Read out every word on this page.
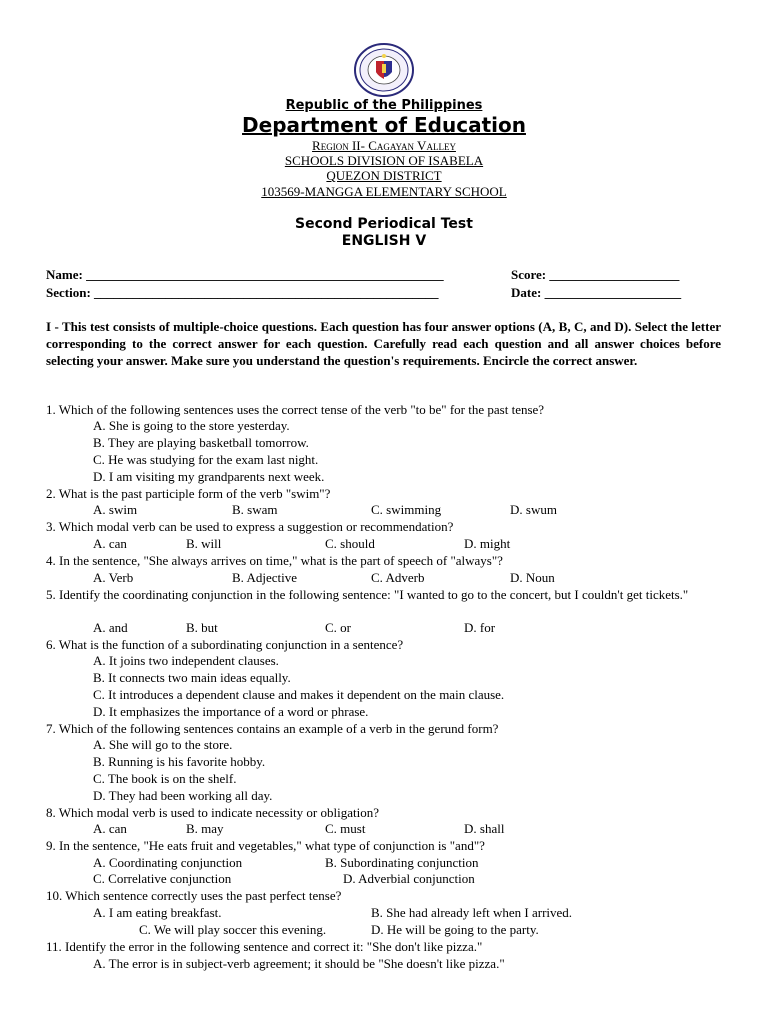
Republic of the Philippines
Department of Education
Region II- Cagayan Valley
SCHOOLS DIVISION OF ISABELA
QUEZON DISTRICT
103569-MANGGA ELEMENTARY SCHOOL
Second Periodical Test
ENGLISH V
Name: _______________________________________________________	Score: ____________________
Section: _____________________________________________________	Date: _____________________
I - This test consists of multiple-choice questions. Each question has four answer options (A, B, C, and D). Select the letter corresponding to the correct answer for each question. Carefully read each question and all answer choices before selecting your answer. Make sure you understand the question's requirements. Encircle the correct answer.
1. Which of the following sentences uses the correct tense of the verb "to be" for the past tense?
A. She is going to the store yesterday.
B. They are playing basketball tomorrow.
C. He was studying for the exam last night.
D. I am visiting my grandparents next week.
2. What is the past participle form of the verb "swim"?
A. swim	B. swam	C. swimming	D. swum
3. Which modal verb can be used to express a suggestion or recommendation?
A. can	B. will	C. should	D. might
4. In the sentence, "She always arrives on time," what is the part of speech of "always"?
A. Verb	B. Adjective	C. Adverb	D. Noun
5. Identify the coordinating conjunction in the following sentence: "I wanted to go to the concert, but I couldn't get tickets."
A. and	B. but	C. or	D. for
6. What is the function of a subordinating conjunction in a sentence?
A. It joins two independent clauses.
B. It connects two main ideas equally.
C. It introduces a dependent clause and makes it dependent on the main clause.
D. It emphasizes the importance of a word or phrase.
7. Which of the following sentences contains an example of a verb in the gerund form?
A. She will go to the store.
B. Running is his favorite hobby.
C. The book is on the shelf.
D. They had been working all day.
8. Which modal verb is used to indicate necessity or obligation?
A. can	B. may	C. must	D. shall
9. In the sentence, "He eats fruit and vegetables," what type of conjunction is "and"?
A. Coordinating conjunction	B. Subordinating conjunction
C. Correlative conjunction	D. Adverbial conjunction
10. Which sentence correctly uses the past perfect tense?
A. I am eating breakfast.	B. She had already left when I arrived.
C. We will play soccer this evening.	D. He will be going to the party.
11. Identify the error in the following sentence and correct it: "She don't like pizza."
A. The error is in subject-verb agreement; it should be "She doesn't like pizza."
